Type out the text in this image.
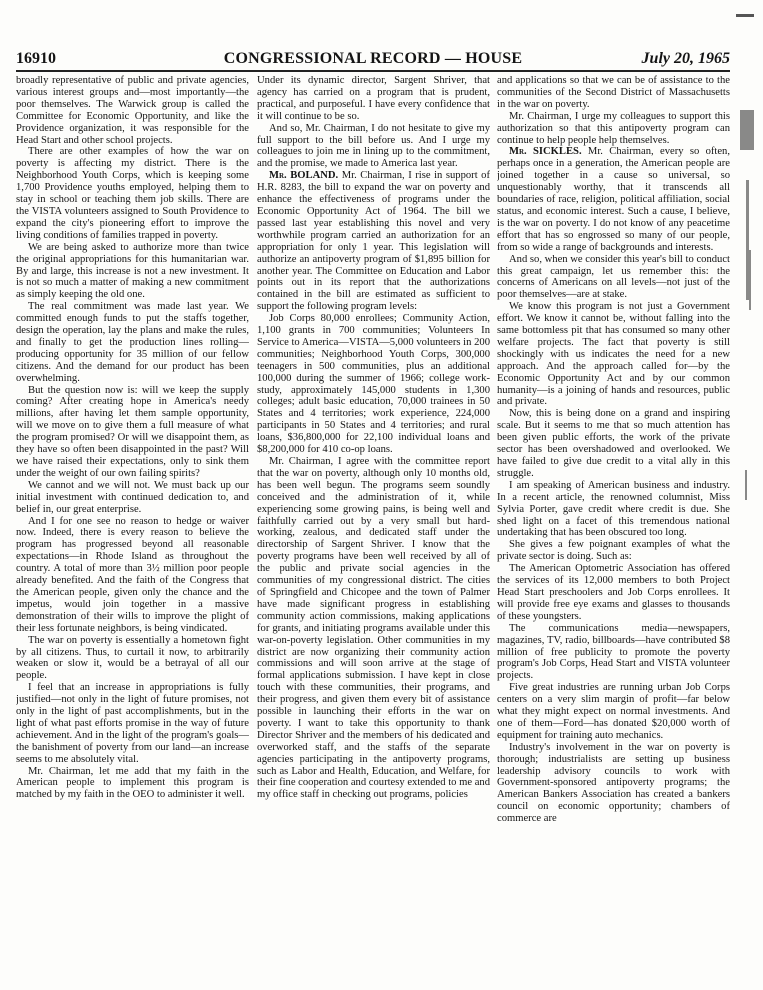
16910	CONGRESSIONAL RECORD — HOUSE	July 20, 1965

broadly representative of public and private agencies, various interest groups and—most importantly—the poor themselves. The Warwick group is called the Committee for Economic Opportunity, and like the Providence organization, it was responsible for the Head Start and other school projects.

There are other examples of how the war on poverty is affecting my district. There is the Neighborhood Youth Corps, which is keeping some 1,700 Providence youths employed, helping them to stay in school or teaching them job skills. There are the VISTA volunteers assigned to South Providence to expand the city's pioneering effort to improve the living conditions of families trapped in poverty.

We are being asked to authorize more than twice the original appropriations for this humanitarian war. By and large, this increase is not a new investment. It is not so much a matter of making a new commitment as simply keeping the old one.

The real commitment was made last year. We committed enough funds to put the staffs together, design the operation, lay the plans and make the rules, and finally to get the production lines rolling—producing opportunity for 35 million of our fellow citizens. And the demand for our product has been overwhelming.

But the question now is: will we keep the supply coming? After creating hope in America's needy millions, after having let them sample opportunity, will we move on to give them a full measure of what the program promised? Or will we disappoint them, as they have so often been disappointed in the past? Will we have raised their expectations, only to sink them under the weight of our own failing spirits?

We cannot and we will not. We must back up our initial investment with continued dedication to, and belief in, our great enterprise.

And I for one see no reason to hedge or waiver now. Indeed, there is every reason to believe the program has progressed beyond all reasonable expectations—in Rhode Island as throughout the country. A total of more than 3½ million poor people already benefited. And the faith of the Congress that the American people, given only the chance and the impetus, would join together in a massive demonstration of their wills to improve the plight of their less fortunate neighbors, is being vindicated.

The war on poverty is essentially a hometown fight by all citizens. Thus, to curtail it now, to arbitrarily weaken or slow it, would be a betrayal of all our people.

I feel that an increase in appropriations is fully justified—not only in the light of future promises, not only in the light of past accomplishments, but in the light of what past efforts promise in the way of future achievement. And in the light of the program's goals—the banishment of poverty from our land—an increase seems to me absolutely vital.

Mr. Chairman, let me add that my faith in the American people to implement this program is matched by my faith in the OEO to administer it well.

Under its dynamic director, Sargent Shriver, that agency has carried on a program that is prudent, practical, and purposeful. I have every confidence that it will continue to be so.

And so, Mr. Chairman, I do not hesitate to give my full support to the bill before us. And I urge my colleagues to join me in lining up to the commitment, and the promise, we made to America last year.

Mr. BOLAND. Mr. Chairman, I rise in support of H.R. 8283, the bill to expand the war on poverty and enhance the effectiveness of programs under the Economic Opportunity Act of 1964. The bill we passed last year establishing this novel and very worthwhile program carried an authorization for an appropriation for only 1 year. This legislation will authorize an antipoverty program of $1,895 billion for another year. The Committee on Education and Labor points out in its report that the authorizations contained in the bill are estimated as sufficient to support the following program levels:

Job Corps 80,000 enrollees; Community Action, 1,100 grants in 700 communities; Volunteers In Service to America—VISTA—5,000 volunteers in 200 communities; Neighborhood Youth Corps, 300,000 teenagers in 500 communities, plus an additional 100,000 during the summer of 1966; college work-study, approximately 145,000 students in 1,300 colleges; adult basic education, 70,000 trainees in 50 States and 4 territories; work experience, 224,000 participants in 50 States and 4 territories; and rural loans, $36,800,000 for 22,100 individual loans and $8,200,000 for 410 co-op loans.

Mr. Chairman, I agree with the committee report that the war on poverty, although only 10 months old, has been well begun. The programs seem soundly conceived and the administration of it, while experiencing some growing pains, is being well and faithfully carried out by a very small but hard-working, zealous, and dedicated staff under the directorship of Sargent Shriver. I know that the poverty programs have been well received by all of the public and private social agencies in the communities of my congressional district. The cities of Springfield and Chicopee and the town of Palmer have made significant progress in establishing community action commissions, making applications for grants, and initiating programs available under this war-on-poverty legislation. Other communities in my district are now organizing their community action commissions and will soon arrive at the stage of formal applications submission. I have kept in close touch with these communities, their programs, and their progress, and given them every bit of assistance possible in launching their efforts in the war on poverty. I want to take this opportunity to thank Director Shriver and the members of his dedicated and overworked staff, and the staffs of the separate agencies participating in the antipoverty programs, such as Labor and Health, Education, and Welfare, for their fine cooperation and courtesy extended to me and my office staff in checking out programs, policies

and applications so that we can be of assistance to the communities of the Second District of Massachusetts in the war on poverty.

Mr. Chairman, I urge my colleagues to support this authorization so that this antipoverty program can continue to help people help themselves.

Mr. SICKLES. Mr. Chairman, every so often, perhaps once in a generation, the American people are joined together in a cause so universal, so unquestionably worthy, that it transcends all boundaries of race, religion, political affiliation, social status, and economic interest. Such a cause, I believe, is the war on poverty. I do not know of any peacetime effort that has so engrossed so many of our people, from so wide a range of backgrounds and interests.

And so, when we consider this year's bill to conduct this great campaign, let us remember this: the concerns of Americans on all levels—not just of the poor themselves—are at stake.

We know this program is not just a Government effort. We know it cannot be, without falling into the same bottomless pit that has consumed so many other welfare projects. The fact that poverty is still shockingly with us indicates the need for a new approach. And the approach called for—by the Economic Opportunity Act and by our common humanity—is a joining of hands and resources, public and private.

Now, this is being done on a grand and inspiring scale. But it seems to me that so much attention has been given public efforts, the work of the private sector has been overshadowed and overlooked. We have failed to give due credit to a vital ally in this struggle.

I am speaking of American business and industry. In a recent article, the renowned columnist, Miss Sylvia Porter, gave credit where credit is due. She shed light on a facet of this tremendous national undertaking that has been obscured too long.

She gives a few poignant examples of what the private sector is doing. Such as:

The American Optometric Association has offered the services of its 12,000 members to both Project Head Start preschoolers and Job Corps enrollees. It will provide free eye exams and glasses to thousands of these youngsters.

The communications media—newspapers, magazines, TV, radio, billboards—have contributed $8 million of free publicity to promote the poverty program's Job Corps, Head Start and VISTA volunteer projects.

Five great industries are running urban Job Corps centers on a very slim margin of profit—far below what they might expect on normal investments. And one of them—Ford—has donated $20,000 worth of equipment for training auto mechanics.

Industry's involvement in the war on poverty is thorough; industrialists are setting up business leadership advisory councils to work with Government-sponsored antipoverty programs; the American Bankers Association has created a bankers council on economic opportunity; chambers of commerce are
